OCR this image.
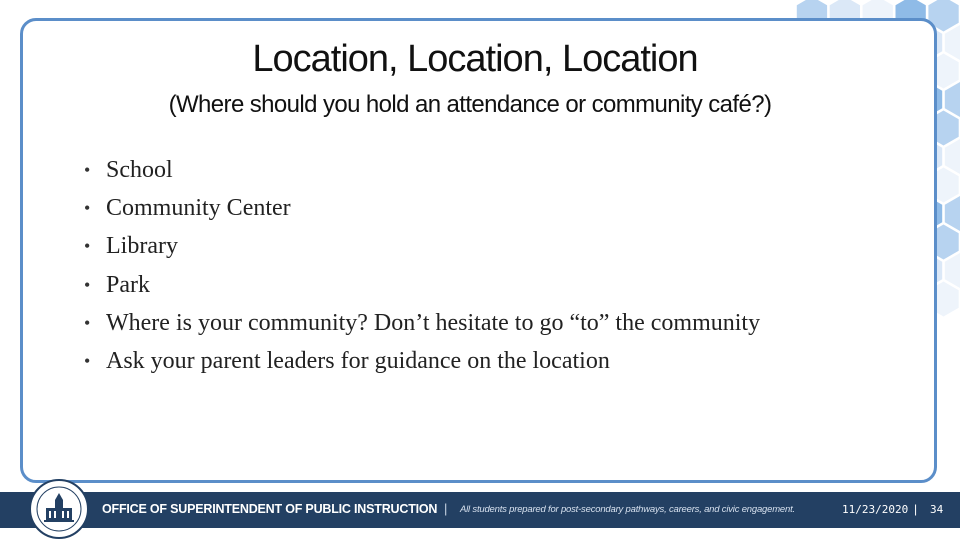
Location, Location, Location
(Where should you hold an attendance or community café?)
• School
• Community Center
• Library
• Park
• Where is your community? Don’t hesitate to go “to” the community
• Ask your parent leaders for guidance on the location
OFFICE OF SUPERINTENDENT OF PUBLIC INSTRUCTION | All students prepared for post-secondary pathways, careers, and civic engagement.	11/23/2020 | 34
